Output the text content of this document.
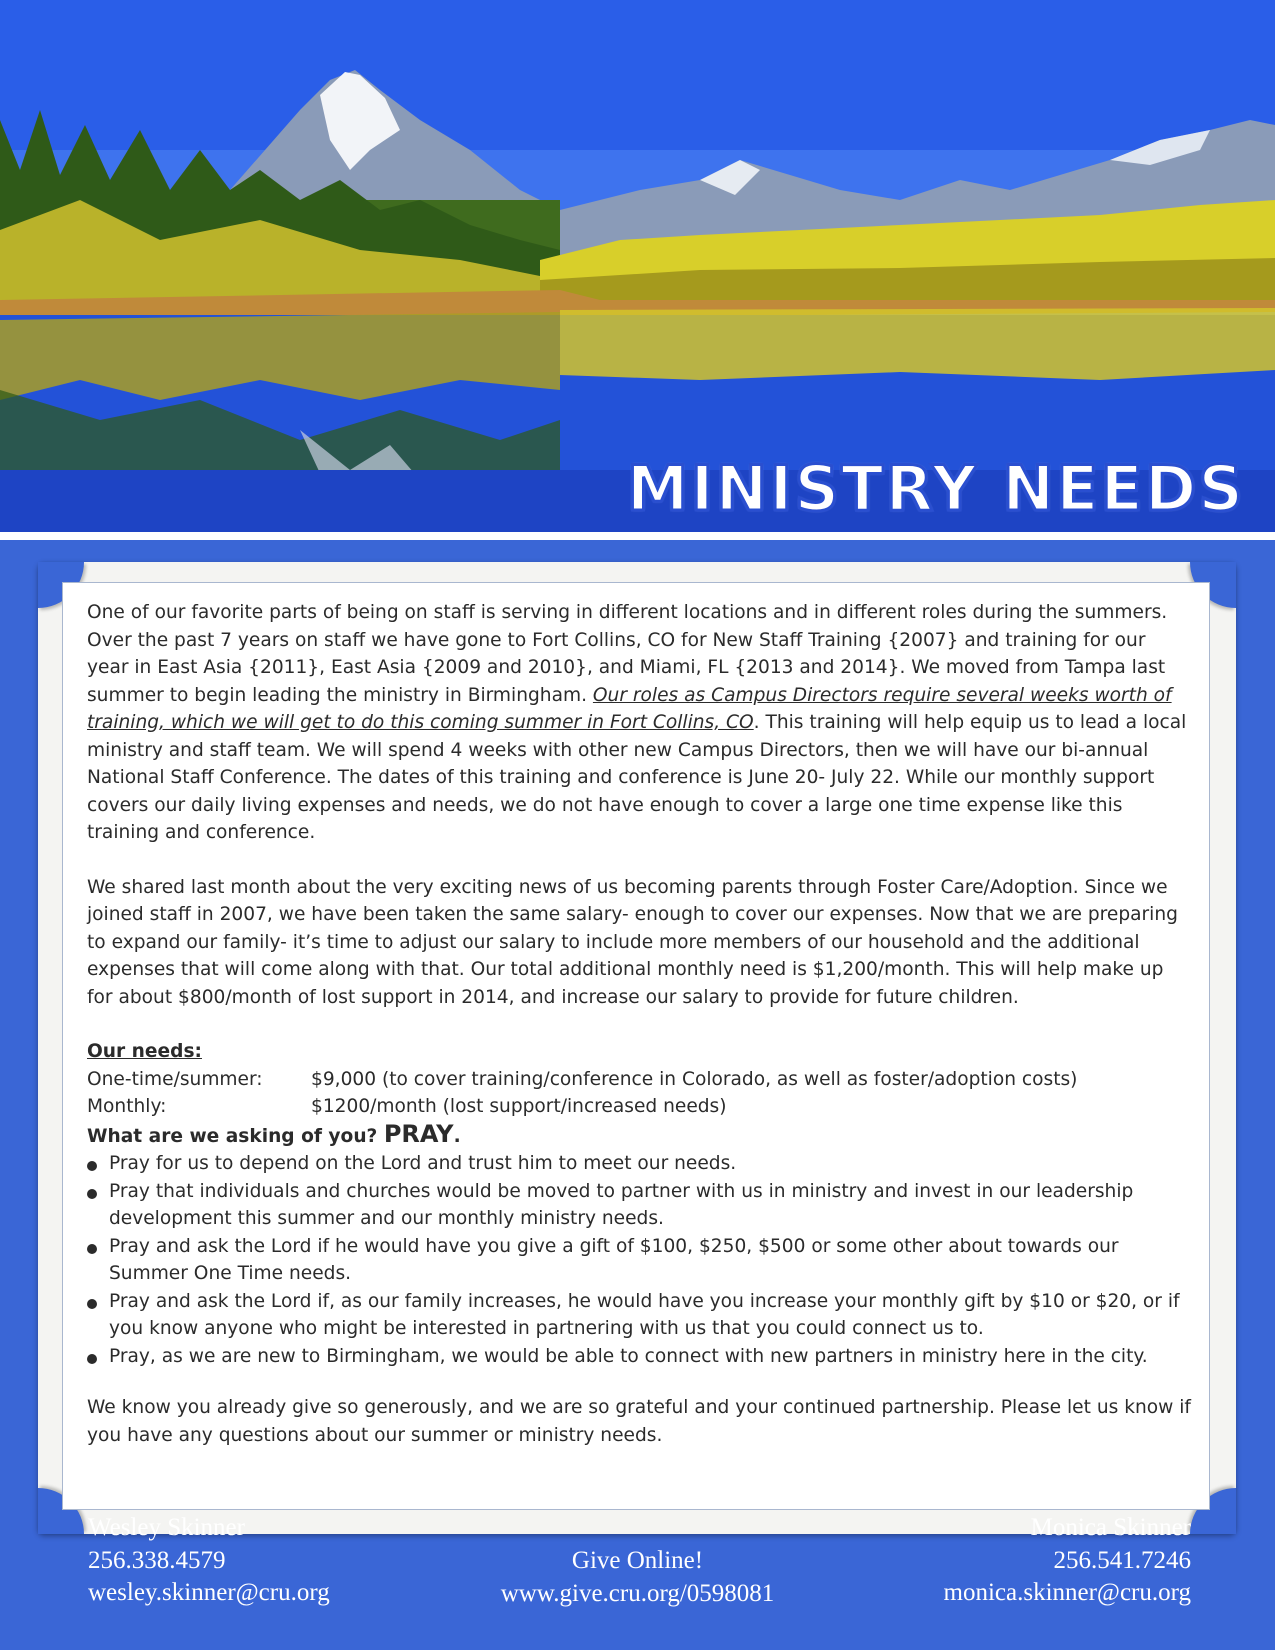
MINISTRY NEEDS

One of our favorite parts of being on staff is serving in different locations and in different roles during the summers. Over the past 7 years on staff we have gone to Fort Collins, CO for New Staff Training {2007} and training for our year in East Asia {2011}, East Asia {2009 and 2010}, and Miami, FL {2013 and 2014}. We moved from Tampa last summer to begin leading the ministry in Birmingham. Our roles as Campus Directors require several weeks worth of training, which we will get to do this coming summer in Fort Collins, CO. This training will help equip us to lead a local ministry and staff team. We will spend 4 weeks with other new Campus Directors, then we will have our bi-annual National Staff Conference. The dates of this training and conference is June 20- July 22. While our monthly support covers our daily living expenses and needs, we do not have enough to cover a large one time expense like this training and conference.

We shared last month about the very exciting news of us becoming parents through Foster Care/Adoption. Since we joined staff in 2007, we have been taken the same salary- enough to cover our expenses. Now that we are preparing to expand our family- it’s time to adjust our salary to include more members of our household and the additional expenses that will come along with that. Our total additional monthly need is $1,200/month. This will help make up for about $800/month of lost support in 2014, and increase our salary to provide for future children.

Our needs:

One-time/summer:	$9,000 (to cover training/conference in Colorado, as well as foster/adoption costs)
Monthly:	$1200/month (lost support/increased needs)

What are we asking of you? PRAY.

Pray for us to depend on the Lord and trust him to meet our needs.
Pray that individuals and churches would be moved to partner with us in ministry and invest in our leadership development this summer and our monthly ministry needs.
Pray and ask the Lord if he would have you give a gift of $100, $250, $500 or some other about towards our Summer One Time needs.
Pray and ask the Lord if, as our family increases, he would have you increase your monthly gift by $10 or $20, or if you know anyone who might be interested in partnering with us that you could connect us to.
Pray, as we are new to Birmingham, we would be able to connect with new partners in ministry here in the city.

We know you already give so generously, and we are so grateful and your continued partnership. Please let us know if you have any questions about our summer or ministry needs.

Wesley Skinner
256.338.4579
wesley.skinner@cru.org
Give Online!
www.give.cru.org/0598081
Monica Skinner
256.541.7246
monica.skinner@cru.org
